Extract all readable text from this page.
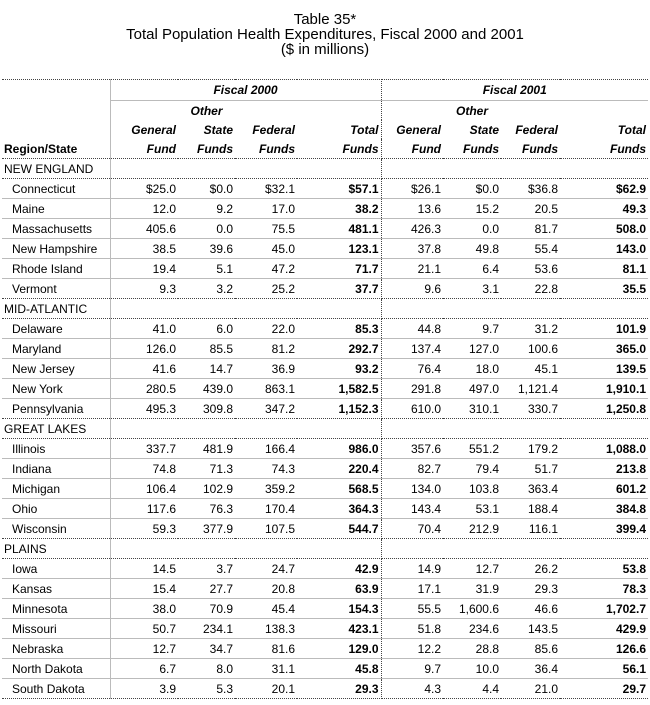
Table 35*
Total Population Health Expenditures, Fiscal 2000 and 2001
($ in millions)
	Fiscal 2000				Fiscal 2001			
		Other				Other		
	General	State	Federal	Total	General	State	Federal	Total
Region/State	Fund	Funds	Funds	Funds	Fund	Funds	Funds	Funds
NEW ENGLAND								
Connecticut	$25.0	$0.0	$32.1	$57.1	$26.1	$0.0	$36.8	$62.9
Maine	12.0	9.2	17.0	38.2	13.6	15.2	20.5	49.3
Massachusetts	405.6	0.0	75.5	481.1	426.3	0.0	81.7	508.0
New Hampshire	38.5	39.6	45.0	123.1	37.8	49.8	55.4	143.0
Rhode Island	19.4	5.1	47.2	71.7	21.1	6.4	53.6	81.1
Vermont	9.3	3.2	25.2	37.7	9.6	3.1	22.8	35.5
MID-ATLANTIC								
Delaware	41.0	6.0	22.0	85.3	44.8	9.7	31.2	101.9
Maryland	126.0	85.5	81.2	292.7	137.4	127.0	100.6	365.0
New Jersey	41.6	14.7	36.9	93.2	76.4	18.0	45.1	139.5
New York	280.5	439.0	863.1	1,582.5	291.8	497.0	1,121.4	1,910.1
Pennsylvania	495.3	309.8	347.2	1,152.3	610.0	310.1	330.7	1,250.8
GREAT LAKES								
Illinois	337.7	481.9	166.4	986.0	357.6	551.2	179.2	1,088.0
Indiana	74.8	71.3	74.3	220.4	82.7	79.4	51.7	213.8
Michigan	106.4	102.9	359.2	568.5	134.0	103.8	363.4	601.2
Ohio	117.6	76.3	170.4	364.3	143.4	53.1	188.4	384.8
Wisconsin	59.3	377.9	107.5	544.7	70.4	212.9	116.1	399.4
PLAINS								
Iowa	14.5	3.7	24.7	42.9	14.9	12.7	26.2	53.8
Kansas	15.4	27.7	20.8	63.9	17.1	31.9	29.3	78.3
Minnesota	38.0	70.9	45.4	154.3	55.5	1,600.6	46.6	1,702.7
Missouri	50.7	234.1	138.3	423.1	51.8	234.6	143.5	429.9
Nebraska	12.7	34.7	81.6	129.0	12.2	28.8	85.6	126.6
North Dakota	6.7	8.0	31.1	45.8	9.7	10.0	36.4	56.1
South Dakota	3.9	5.3	20.1	29.3	4.3	4.4	21.0	29.7
